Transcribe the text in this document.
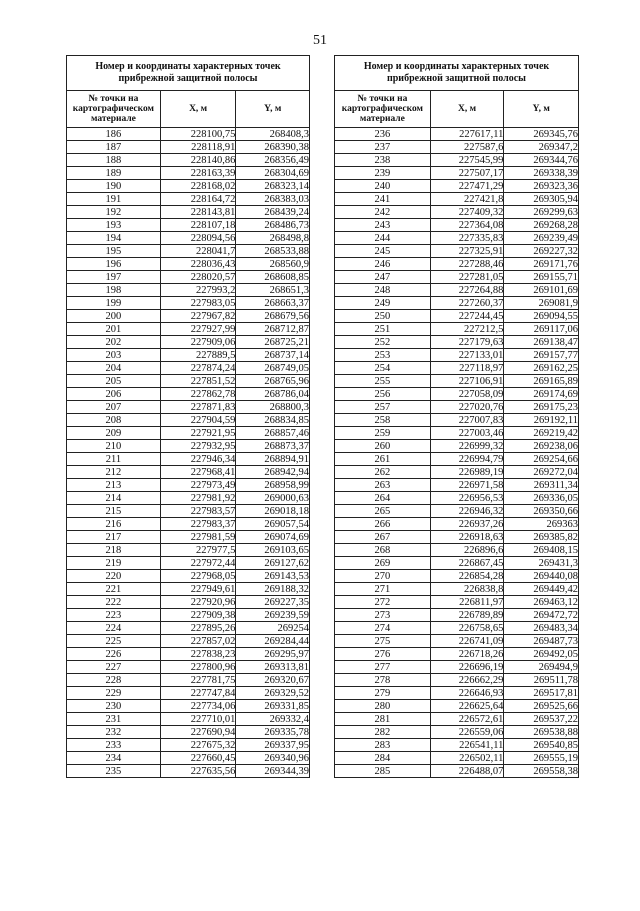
51
Номер и координаты характерных точек прибрежной защитной полосы		
№ точки на картографическом материале	X, м	Y, м
186	228100,75	268408,3
187	228118,91	268390,38
188	228140,86	268356,49
189	228163,39	268304,69
190	228168,02	268323,14
191	228164,72	268383,03
192	228143,81	268439,24
193	228107,18	268486,73
194	228094,56	268498,8
195	228041,7	268533,88
196	228036,43	268560,9
197	228020,57	268608,85
198	227993,2	268651,3
199	227983,05	268663,37
200	227967,82	268679,56
201	227927,99	268712,87
202	227909,06	268725,21
203	227889,5	268737,14
204	227874,24	268749,05
205	227851,52	268765,96
206	227862,78	268786,04
207	227871,83	268800,3
208	227904,59	268834,85
209	227921,95	268857,46
210	227932,95	268873,37
211	227946,34	268894,91
212	227968,41	268942,94
213	227973,49	268958,99
214	227981,92	269000,63
215	227983,57	269018,18
216	227983,37	269057,54
217	227981,59	269074,69
218	227977,5	269103,65
219	227972,44	269127,62
220	227968,05	269143,53
221	227949,61	269188,32
222	227920,96	269227,35
223	227909,38	269239,59
224	227895,26	269254
225	227857,02	269284,44
226	227838,23	269295,97
227	227800,96	269313,81
228	227781,75	269320,67
229	227747,84	269329,52
230	227734,06	269331,85
231	227710,01	269332,4
232	227690,94	269335,78
233	227675,32	269337,95
234	227660,45	269340,96
235	227635,56	269344,39
Номер и координаты характерных точек прибрежной защитной полосы		
№ точки на картографическом материале	X, м	Y, м
236	227617,11	269345,76
237	227587,6	269347,2
238	227545,99	269344,76
239	227507,17	269338,39
240	227471,29	269323,36
241	227421,8	269305,94
242	227409,32	269299,63
243	227364,08	269268,28
244	227335,83	269239,49
245	227325,91	269227,32
246	227288,46	269171,76
247	227281,05	269155,71
248	227264,88	269101,69
249	227260,37	269081,9
250	227244,45	269094,55
251	227212,5	269117,06
252	227179,63	269138,47
253	227133,01	269157,77
254	227118,97	269162,25
255	227106,91	269165,89
256	227058,09	269174,69
257	227020,76	269175,23
258	227007,83	269192,11
259	227003,46	269219,42
260	226999,32	269238,06
261	226994,79	269254,66
262	226989,19	269272,04
263	226971,58	269311,34
264	226956,53	269336,05
265	226946,32	269350,66
266	226937,26	269363
267	226918,63	269385,82
268	226896,6	269408,15
269	226867,45	269431,3
270	226854,28	269440,08
271	226838,8	269449,42
272	226811,97	269463,12
273	226789,89	269472,72
274	226758,65	269483,34
275	226741,09	269487,73
276	226718,26	269492,05
277	226696,19	269494,9
278	226662,29	269511,78
279	226646,93	269517,81
280	226625,64	269525,66
281	226572,61	269537,22
282	226559,06	269538,88
283	226541,11	269540,85
284	226502,11	269555,19
285	226488,07	269558,38
